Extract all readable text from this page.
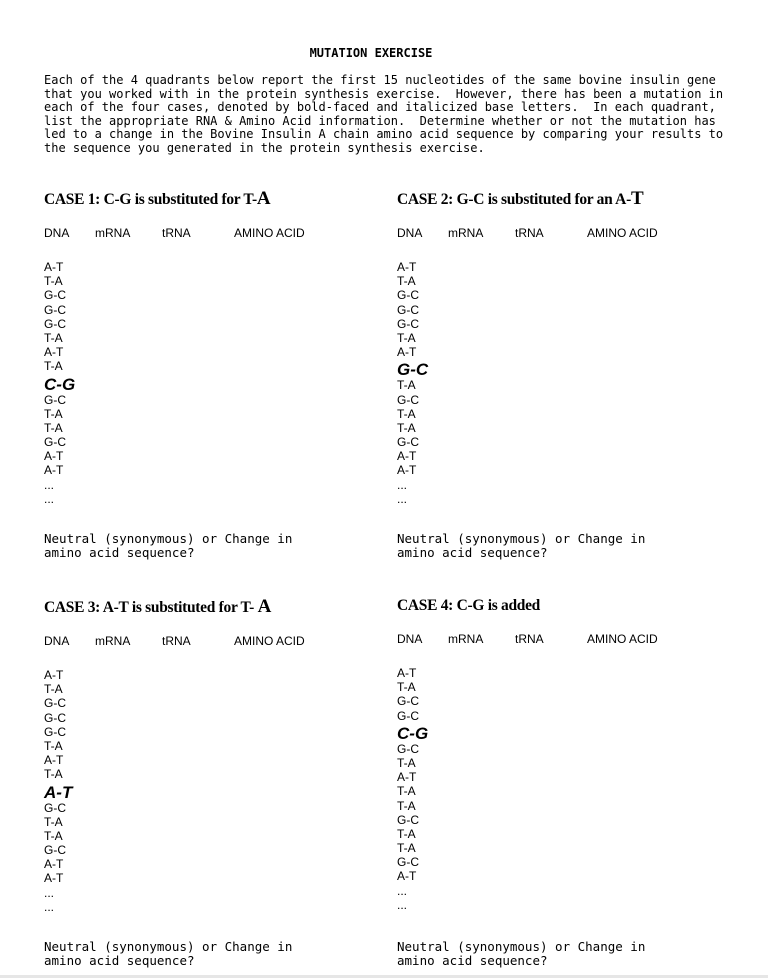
MUTATION EXERCISE
Each of the 4 quadrants below report the first 15 nucleotides of the same bovine insulin gene that you worked with in the protein synthesis exercise.  However, there has been a mutation in each of the four cases, denoted by bold-faced and italicized base letters.  In each quadrant, list the appropriate RNA & Amino Acid information.  Determine whether or not the mutation has led to a change in the Bovine Insulin A chain amino acid sequence by comparing your results to the sequence you generated in the protein synthesis exercise.
CASE 1: C-G is substituted for T-A
DNA mRNA	tRNA	AMINO ACID
A-T
T-A
G-C
G-C
G-C
T-A
A-T
T-A
C-G
G-C
T-A
T-A
G-C
A-T
A-T
...
...
Neutral (synonymous) or Change in amino acid sequence?
CASE 2: G-C is substituted for an A-T
DNA mRNA	tRNA	AMINO ACID
A-T
T-A
G-C
G-C
G-C
T-A
A-T
G-C
T-A
G-C
T-A
T-A
G-C
A-T
A-T
...
...
Neutral (synonymous) or Change in amino acid sequence?
CASE 3: A-T is substituted for T- A
DNA mRNA	tRNA	AMINO ACID
A-T
T-A
G-C
G-C
G-C
T-A
A-T
T-A
A-T
G-C
T-A
T-A
G-C
A-T
A-T
...
...
Neutral (synonymous) or Change in amino acid sequence?
CASE 4: C-G is added
DNA mRNA	tRNA	AMINO ACID
A-T
T-A
G-C
G-C
C-G
G-C
T-A
A-T
T-A
T-A
G-C
T-A
T-A
G-C
A-T
...
...
Neutral (synonymous) or Change in amino acid sequence?
